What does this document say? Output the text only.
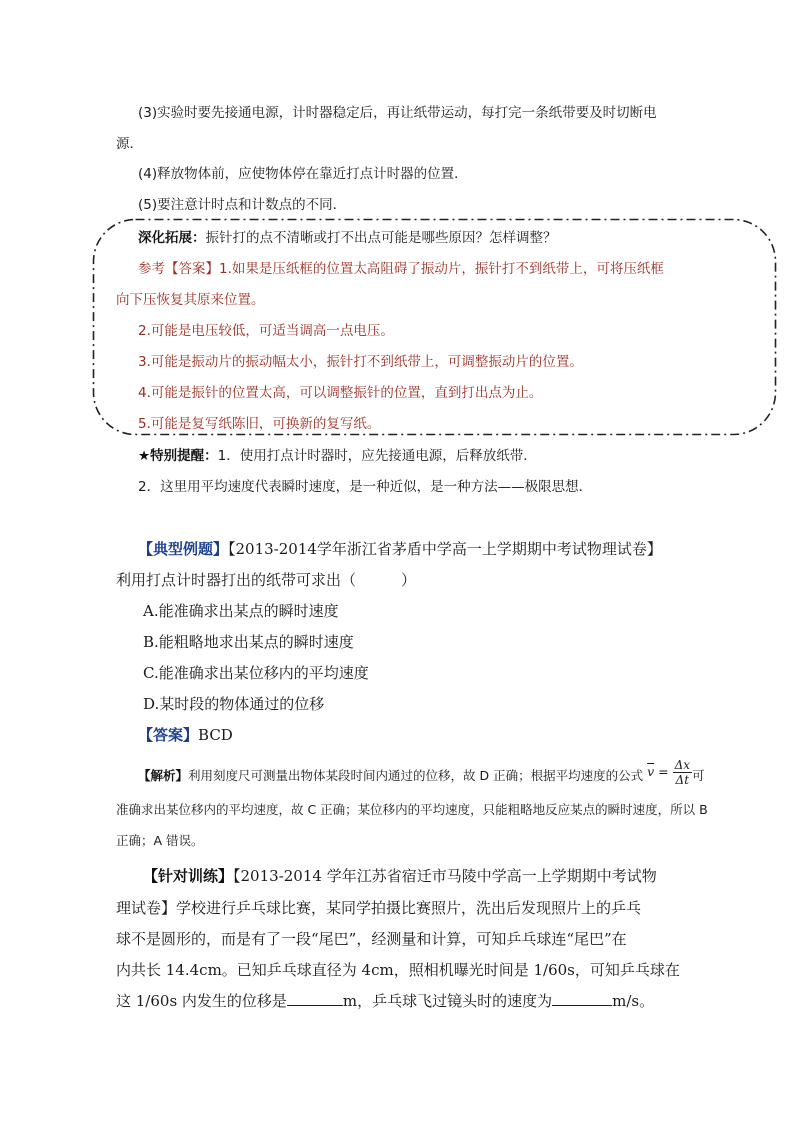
(3)实验时要先接通电源，计时器稳定后，再让纸带运动，每打完一条纸带要及时切断电
源．
(4)释放物体前，应使物体停在靠近打点计时器的位置．
(5)要注意计时点和计数点的不同．
深化拓展：振针打的点不清晰或打不出点可能是哪些原因？怎样调整？
参考【答案】1.如果是压纸框的位置太高阻碍了振动片，振针打不到纸带上，可将压纸框
向下压恢复其原来位置。
2.可能是电压较低，可适当调高一点电压。
3.可能是振动片的振动幅太小，振针打不到纸带上，可调整振动片的位置。
4.可能是振针的位置太高，可以调整振针的位置，直到打出点为止。
5.可能是复写纸陈旧，可换新的复写纸。
★特别提醒：1．使用打点计时器时，应先接通电源，后释放纸带．
2．这里用平均速度代表瞬时速度，是一种近似，是一种方法——极限思想．
【典型例题】【2013-2014学年浙江省茅盾中学高一上学期期中考试物理试卷】
利用打点计时器打出的纸带可求出（　　　）
A.能准确求出某点的瞬时速度
B.能粗略地求出某点的瞬时速度
C.能准确求出某位移内的平均速度
D.某时段的物体通过的位移
【答案】BCD
【解析】利用刻度尺可测量出物体某段时间内通过的位移，故 D 正确；根据平均速度的公式 $\overline{v} = \frac{\Delta x}{\Delta t}$ 可
准确求出某位移内的平均速度，故 C 正确；某位移内的平均速度，只能粗略地反应某点的瞬时速度，所以 B
正确；A 错误。
【针对训练】【2013-2014 学年江苏省宿迁市马陵中学高一上学期期中考试物
理试卷】学校进行乒乓球比赛，某同学拍摄比赛照片，洗出后发现照片上的乒乓
球不是圆形的，而是有了一段“尾巴”，经测量和计算，可知乒乓球连“尾巴”在
内共长 14.4cm。已知乒乓球直径为 4cm，照相机曝光时间是 1/60s，可知乒乓球在
这 1/60s 内发生的位移是	m，乒乓球飞过镜头时的速度为	m/s。
